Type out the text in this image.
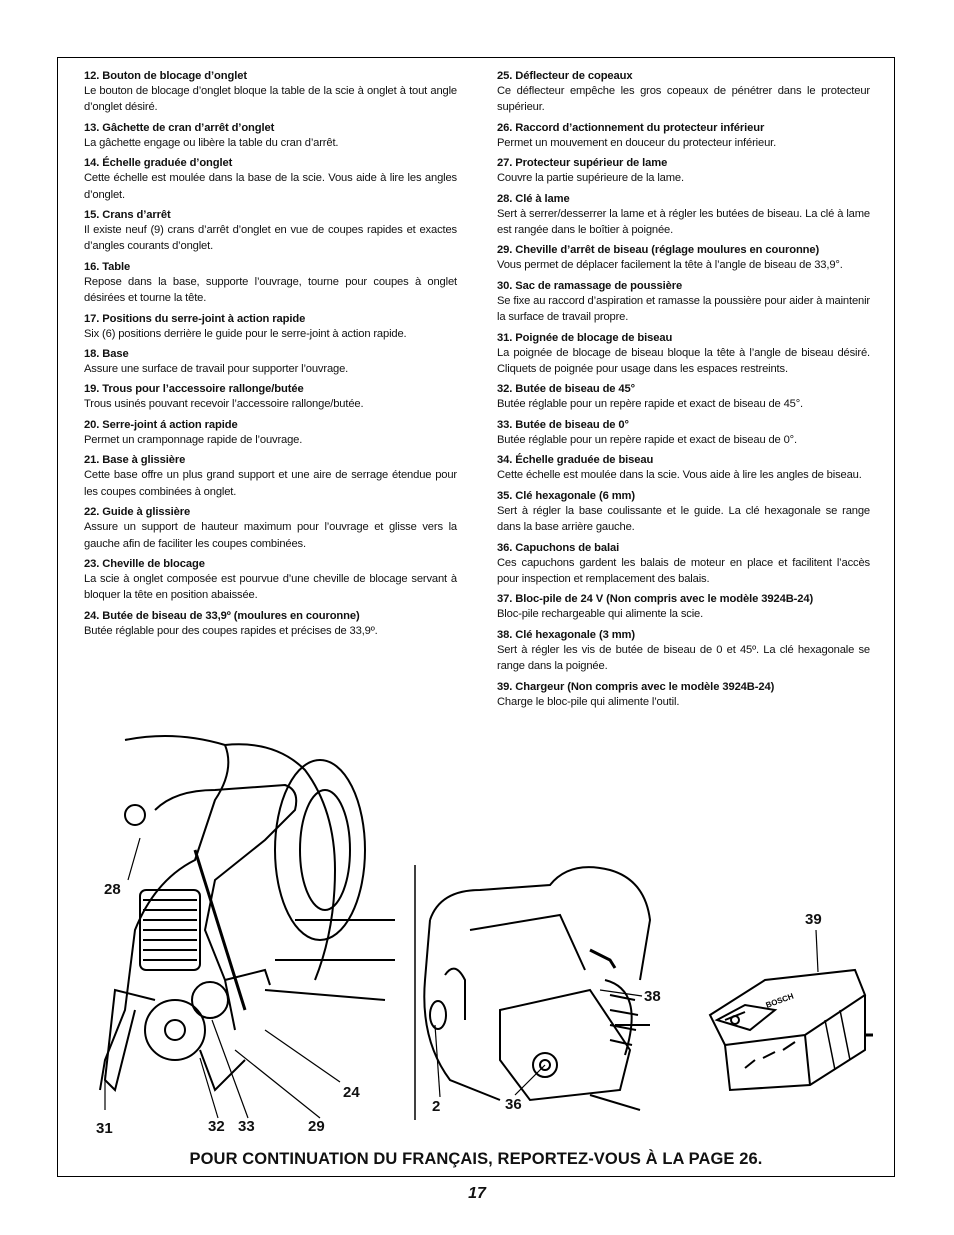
12. Bouton de blocage d’onglet
Le bouton de blocage d’onglet bloque la table de la scie à onglet à tout angle d’onglet désiré.
13. Gâchette de cran d’arrêt d’onglet
La gâchette engage ou libère la table du cran d’arrêt.
14. Échelle graduée d’onglet
Cette échelle est moulée dans la base de la scie. Vous aide à lire les angles d’onglet.
15. Crans d’arrêt
Il existe neuf (9) crans d’arrêt d’onglet en vue de coupes rapides et exactes d’angles courants d’onglet.
16. Table
Repose dans la base, supporte l’ouvrage, tourne pour coupes à onglet désirées et tourne la tête.
17. Positions du serre-joint à action rapide
Six (6) positions derrière le guide pour le serre-joint à action rapide.
18. Base
Assure une surface de travail pour supporter l’ouvrage.
19. Trous pour l’accessoire rallonge/butée
Trous usinés pouvant recevoir l’accessoire rallonge/butée.
20. Serre-joint á action rapide
Permet un cramponnage rapide de l’ouvrage.
21. Base à glissière
Cette base offre un plus grand support et une aire de serrage étendue pour les coupes combinées à onglet.
22. Guide à glissière
Assure un support de hauteur maximum pour l’ouvrage et glisse vers la gauche afin de faciliter les coupes combinées.
23. Cheville de blocage
La scie à onglet composée est pourvue d’une cheville de blocage servant à bloquer la tête en position abaissée.
24. Butée de biseau de 33,9º (moulures en couronne)
Butée réglable pour des coupes rapides et précises de 33,9º.
25. Déflecteur de copeaux
Ce déflecteur empêche les gros copeaux de pénétrer dans le protecteur supérieur.
26. Raccord d’actionnement du protecteur inférieur
Permet un mouvement en douceur du protecteur inférieur.
27. Protecteur supérieur de lame
Couvre la partie supérieure de la lame.
28. Clé à lame
Sert à serrer/desserrer la lame et à régler les butées de biseau. La clé à lame est rangée dans le boîtier à poignée.
29. Cheville d’arrêt de biseau (réglage moulures en couronne)
Vous permet de déplacer facilement la tête à l’angle de biseau de 33,9°.
30. Sac de ramassage de poussière
Se fixe au raccord d’aspiration et ramasse la poussière pour aider à maintenir la surface de travail propre.
31. Poignée de blocage de biseau
La poignée de blocage de biseau bloque la tête à l’angle de biseau désiré. Cliquets de poignée pour usage dans les espaces restreints.
32. Butée de biseau de 45°
Butée réglable pour un repère rapide et exact de biseau de 45°.
33. Butée de biseau de 0°
Butée réglable pour un repère rapide et exact de biseau de 0°.
34. Échelle graduée de biseau
Cette échelle est moulée dans la scie. Vous aide à lire les angles de biseau.
35. Clé hexagonale (6 mm)
Sert à régler la base coulissante et le guide. La clé hexagonale se range dans la base arrière gauche.
36. Capuchons de balai
Ces capuchons gardent les balais de moteur en place et facilitent l’accès pour inspection et remplacement des balais.
37. Bloc-pile de 24 V (Non compris avec le modèle 3924B-24)
Bloc-pile rechargeable qui alimente la scie.
38. Clé hexagonale (3 mm)
Sert à régler les vis de butée de biseau de 0 et 45º. La clé hexagonale se range dans la poignée.
39. Chargeur (Non compris avec le modèle 3924B-24)
Charge le bloc-pile qui alimente l’outil.
BOSCH
28
24
31	32 33	29
2	36
38
39
POUR CONTINUATION DU FRANÇAIS, REPORTEZ-VOUS À LA PAGE 26.
17
